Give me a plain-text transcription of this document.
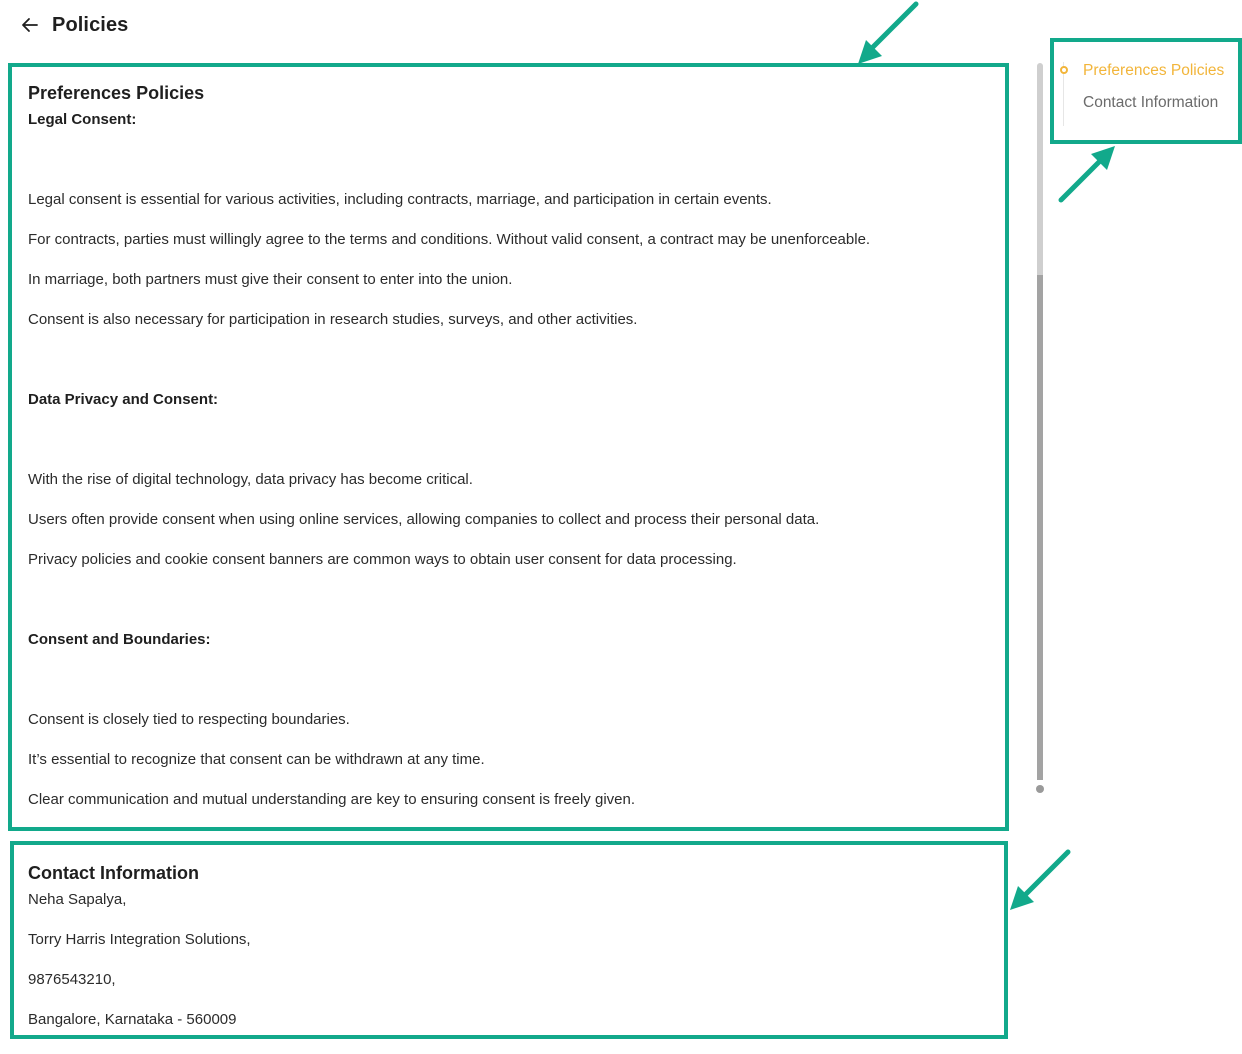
Policies
Preferences Policies
Legal Consent:
Legal consent is essential for various activities, including contracts, marriage, and participation in certain events.
For contracts, parties must willingly agree to the terms and conditions. Without valid consent, a contract may be unenforceable.
In marriage, both partners must give their consent to enter into the union.
Consent is also necessary for participation in research studies, surveys, and other activities.
Data Privacy and Consent:
With the rise of digital technology, data privacy has become critical.
Users often provide consent when using online services, allowing companies to collect and process their personal data.
Privacy policies and cookie consent banners are common ways to obtain user consent for data processing.
Consent and Boundaries:
Consent is closely tied to respecting boundaries.
It’s essential to recognize that consent can be withdrawn at any time.
Clear communication and mutual understanding are key to ensuring consent is freely given.
Contact Information
Neha Sapalya,
Torry Harris Integration Solutions,
9876543210,
Bangalore, Karnataka - 560009
Preferences Policies
Contact Information
